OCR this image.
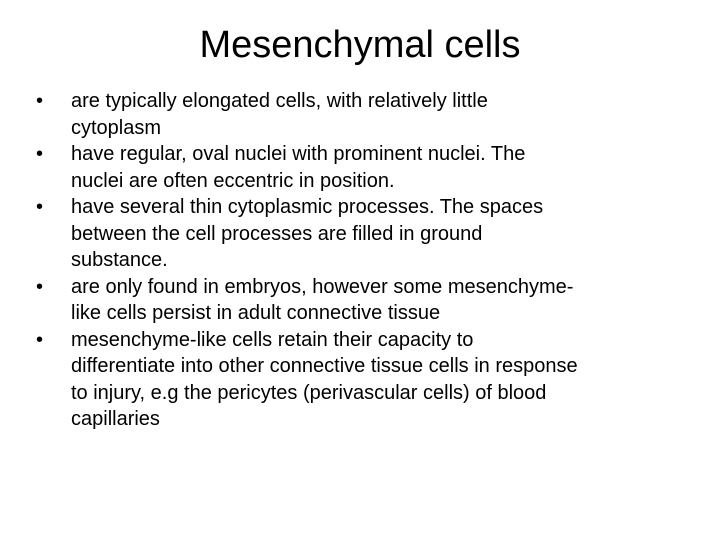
Mesenchymal cells
•	are typically elongated cells, with relatively little
cytoplasm
•	have regular, oval nuclei with prominent nuclei. The
nuclei are often eccentric in position.
•	have several thin cytoplasmic processes. The spaces
between the cell processes are filled in ground
substance.
•	are only found in embryos, however some mesenchyme-
like cells persist in adult connective tissue
•	mesenchyme-like cells retain their capacity to
differentiate into other connective tissue cells in response
to injury, e.g the pericytes (perivascular cells) of blood
capillaries
